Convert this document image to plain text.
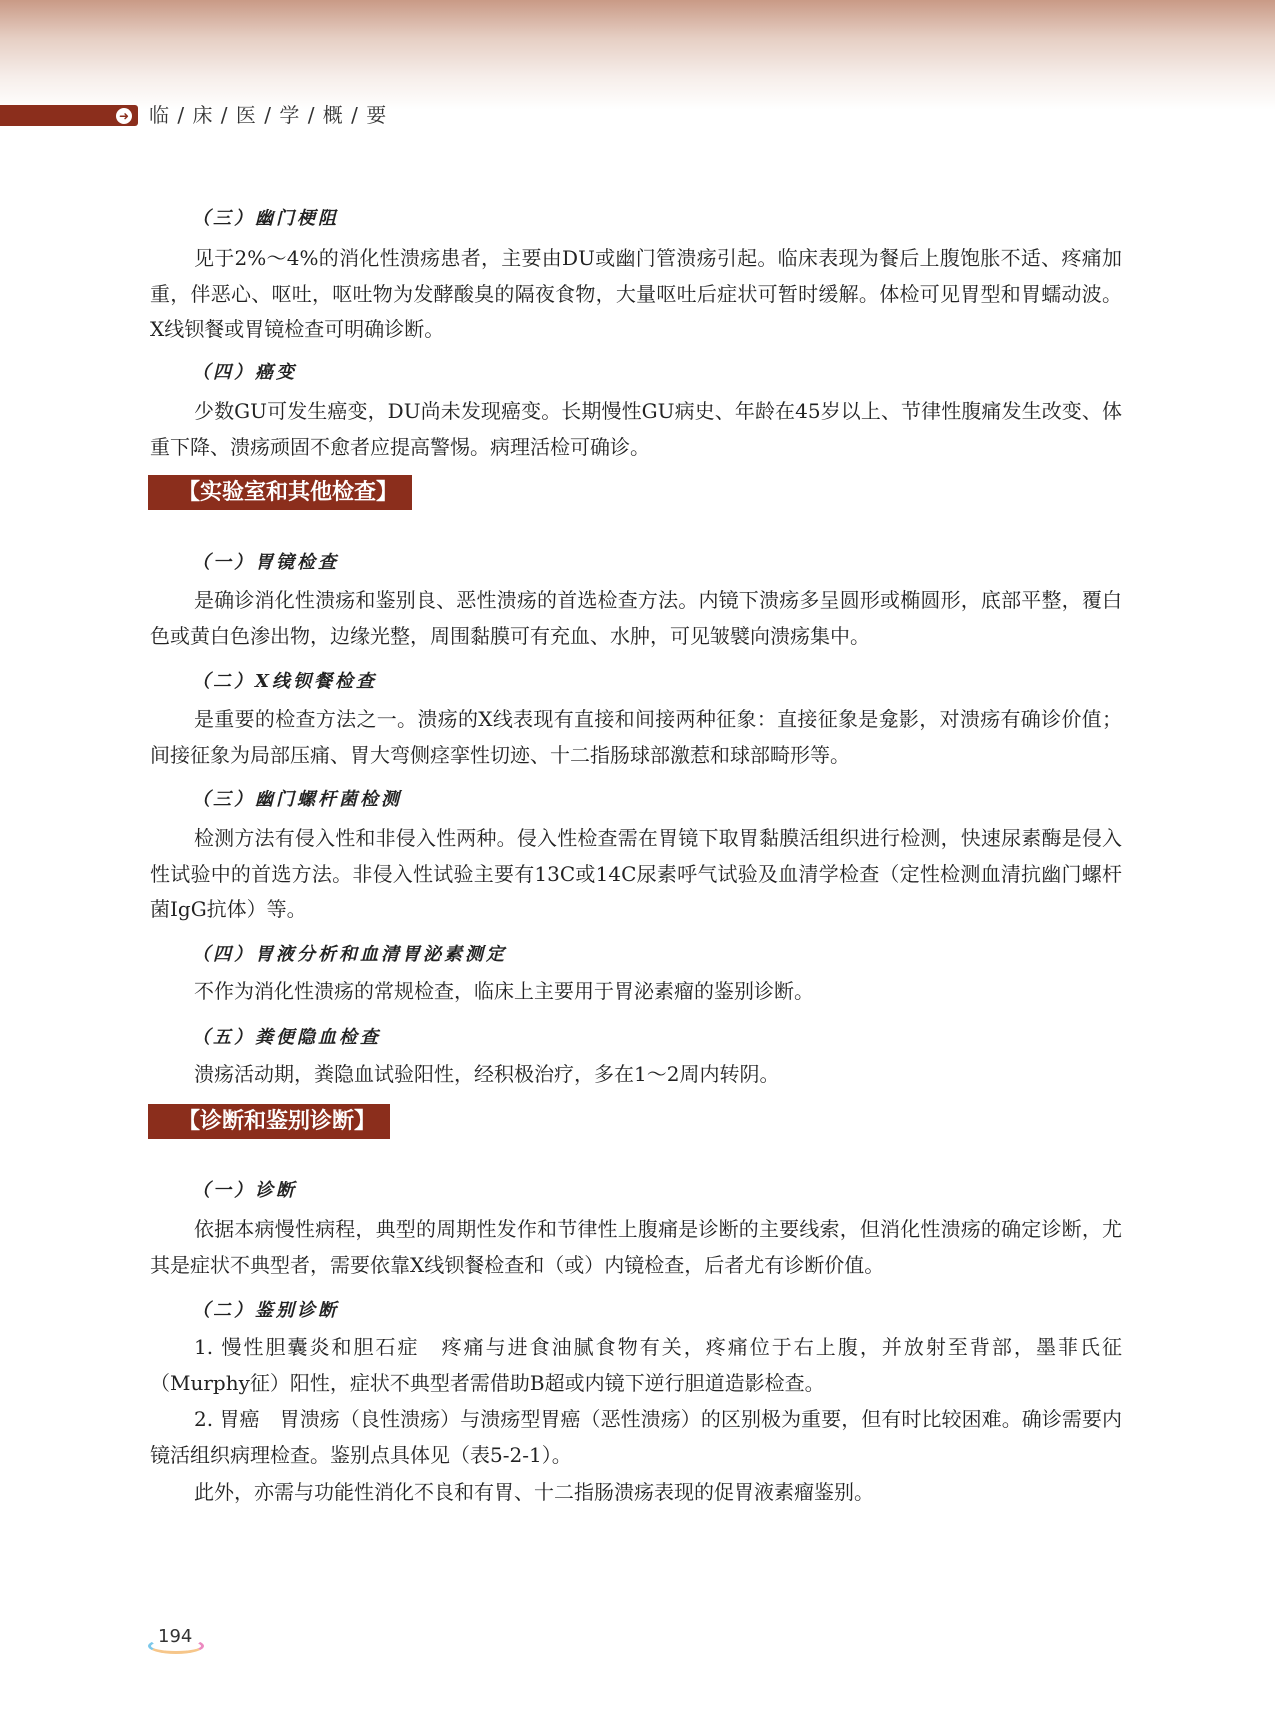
➜ 临 / 床 / 医 / 学 / 概 / 要
（三）幽门梗阻
见于2%～4%的消化性溃疡患者，主要由DU或幽门管溃疡引起。临床表现为餐后上腹饱胀不适、疼痛加重，伴恶心、呕吐，呕吐物为发酵酸臭的隔夜食物，大量呕吐后症状可暂时缓解。体检可见胃型和胃蠕动波。X线钡餐或胃镜检查可明确诊断。
（四）癌变
少数GU可发生癌变，DU尚未发现癌变。长期慢性GU病史、年龄在45岁以上、节律性腹痛发生改变、体重下降、溃疡顽固不愈者应提高警惕。病理活检可确诊。
【实验室和其他检查】
（一）胃镜检查
是确诊消化性溃疡和鉴别良、恶性溃疡的首选检查方法。内镜下溃疡多呈圆形或椭圆形，底部平整，覆白色或黄白色渗出物，边缘光整，周围黏膜可有充血、水肿，可见皱襞向溃疡集中。
（二）X线钡餐检查
是重要的检查方法之一。溃疡的X线表现有直接和间接两种征象：直接征象是龛影，对溃疡有确诊价值；间接征象为局部压痛、胃大弯侧痉挛性切迹、十二指肠球部激惹和球部畸形等。
（三）幽门螺杆菌检测
检测方法有侵入性和非侵入性两种。侵入性检查需在胃镜下取胃黏膜活组织进行检测，快速尿素酶是侵入性试验中的首选方法。非侵入性试验主要有13C或14C尿素呼气试验及血清学检查（定性检测血清抗幽门螺杆菌IgG抗体）等。
（四）胃液分析和血清胃泌素测定
不作为消化性溃疡的常规检查，临床上主要用于胃泌素瘤的鉴别诊断。
（五）粪便隐血检查
溃疡活动期，粪隐血试验阳性，经积极治疗，多在1～2周内转阴。
【诊断和鉴别诊断】
（一）诊断
依据本病慢性病程，典型的周期性发作和节律性上腹痛是诊断的主要线索，但消化性溃疡的确定诊断，尤其是症状不典型者，需要依靠X线钡餐检查和（或）内镜检查，后者尤有诊断价值。
（二）鉴别诊断
1. 慢性胆囊炎和胆石症　疼痛与进食油腻食物有关，疼痛位于右上腹，并放射至背部，墨菲氏征（Murphy征）阳性，症状不典型者需借助B超或内镜下逆行胆道造影检查。
2. 胃癌　胃溃疡（良性溃疡）与溃疡型胃癌（恶性溃疡）的区别极为重要，但有时比较困难。确诊需要内镜活组织病理检查。鉴别点具体见（表5-2-1）。
此外，亦需与功能性消化不良和有胃、十二指肠溃疡表现的促胃液素瘤鉴别。
194
